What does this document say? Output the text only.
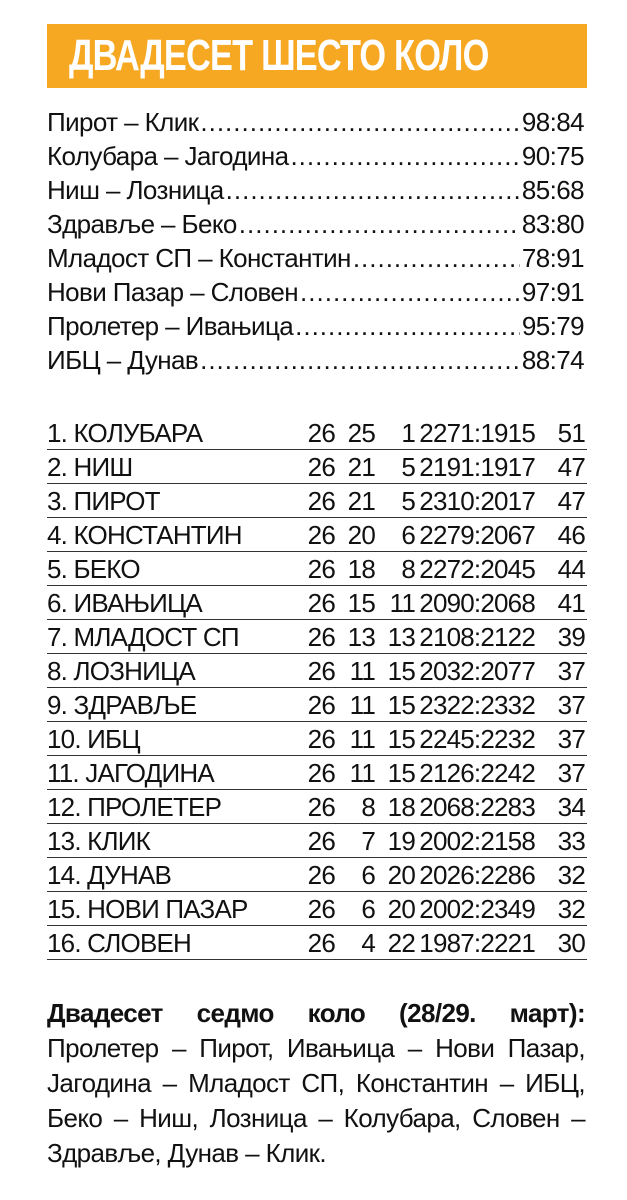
ДВАДЕСЕТ ШЕСТО КОЛО
Пирот – Клик .....	98:84
Колубара – Јагодина .....	90:75
Ниш – Лозница .....	85:68
Здравље – Беко .....	83:80
Младост СП – Константин .....	78:91
Нови Пазар – Словен .....	97:91
Пролетер – Ивањица .....	95:79
ИБЦ – Дунав .....	88:74
1. КОЛУБАРА	26 25 1 2271:1915 51
2. НИШ	26 21 5 2191:1917 47
3. ПИРОТ	26 21 5 2310:2017 47
4. КОНСТАНТИН	26 20 6 2279:2067 46
5. БЕКО	26 18 8 2272:2045 44
6. ИВАЊИЦА	26 15 11 2090:2068 41
7. МЛАДОСТ СП	26 13 13 2108:2122 39
8. ЛОЗНИЦА	26 11 15 2032:2077 37
9. ЗДРАВЉЕ	26 11 15 2322:2332 37
10. ИБЦ	26 11 15 2245:2232 37
11. ЈАГОДИНА	26 11 15 2126:2242 37
12. ПРОЛЕТЕР	26 8 18 2068:2283 34
13. КЛИК	26 7 19 2002:2158 33
14. ДУНАВ	26 6 20 2026:2286 32
15. НОВИ ПАЗАР 26 6 20 2002:2349 32
16. СЛОВЕН	26 4 22 1987:2221 30
Двадесет седмо коло (28/29. март): Пролетер – Пирот, Ивањица – Нови Пазар, Јагодина – Младост СП, Константин – ИБЦ, Беко – Ниш, Лозница – Колубара, Словен – Здравље, Дунав – Клик.
